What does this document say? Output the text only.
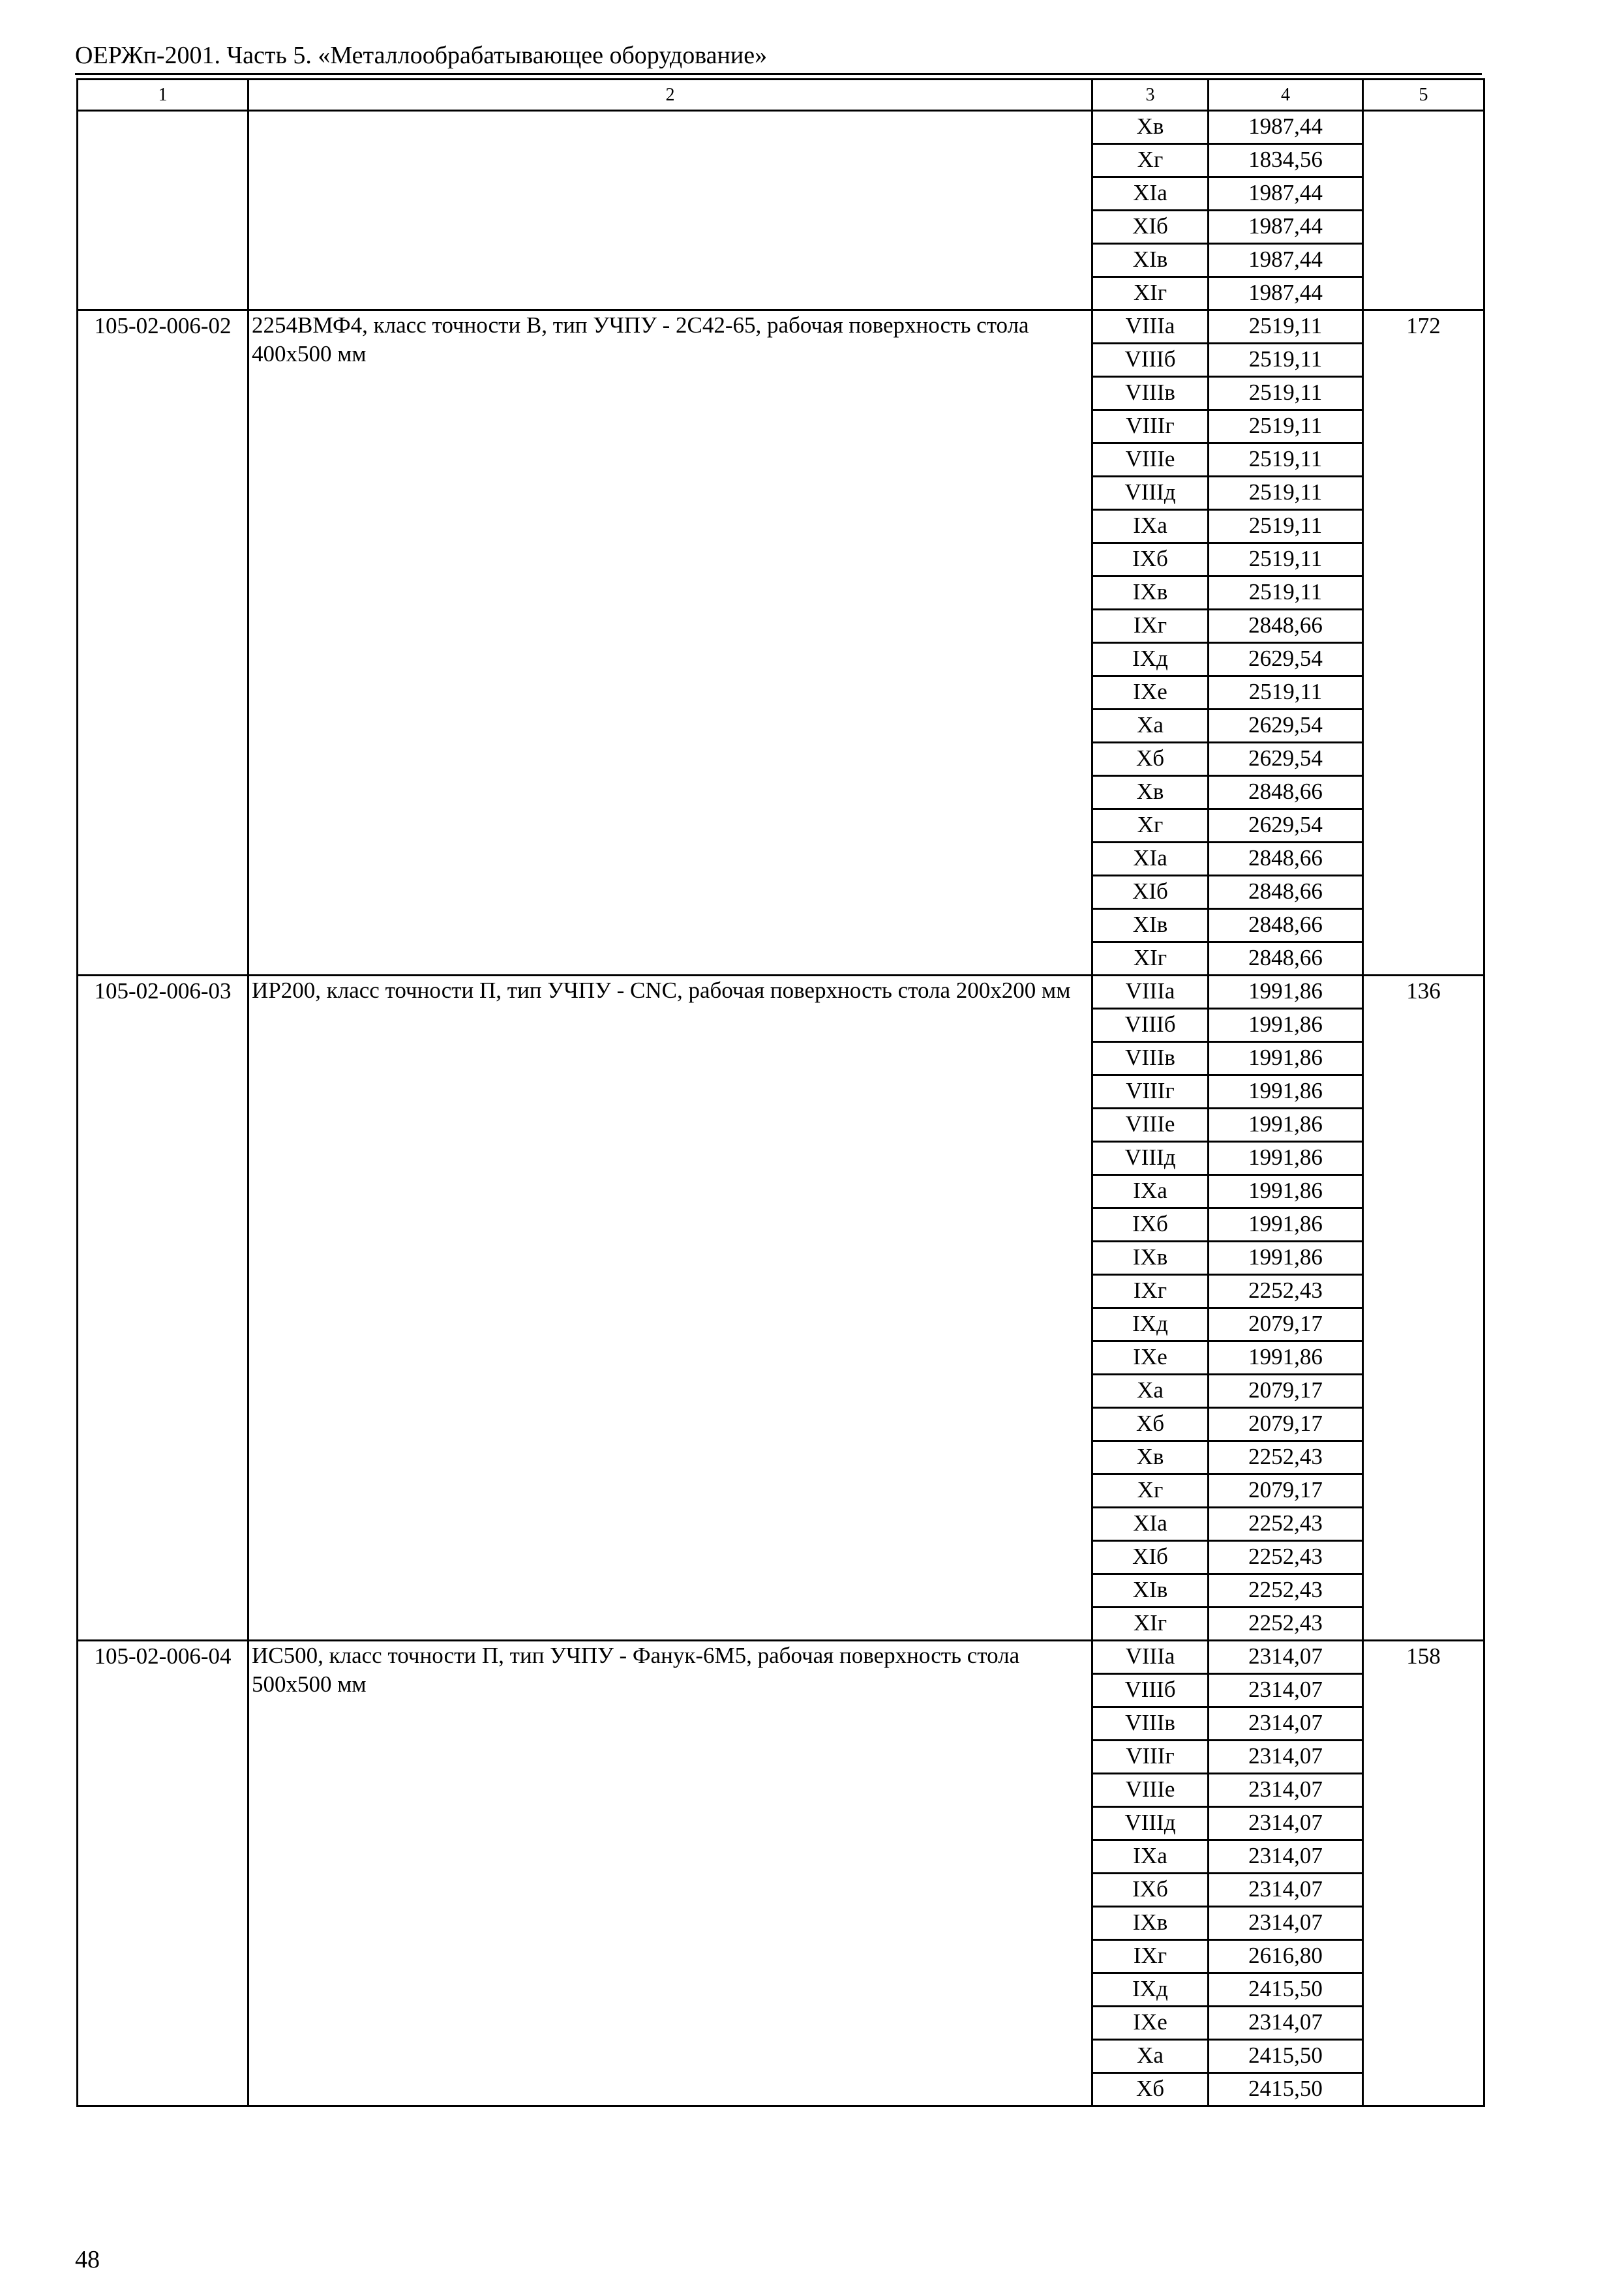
ОЕРЖп-2001. Часть 5. «Металлообрабатывающее оборудование»
1	2	3	4	5
		Xв	1987,44	
		Xг	1834,56	
		XIa	1987,44	
		XIб	1987,44	
		XIв	1987,44	
		XIг	1987,44	
105-02-006-02	2254ВМФ4, класс точности В, тип УЧПУ - 2С42-65, рабочая поверхность стола 400х500 мм	VIIIа	2519,11	172
		VIIIб	2519,11	
		VIIIв	2519,11	
		VIIIг	2519,11	
		VIIIе	2519,11	
		VIIIд	2519,11	
		IXа	2519,11	
		IXб	2519,11	
		IXв	2519,11	
		IXг	2848,66	
		IXд	2629,54	
		IXе	2519,11	
		Xа	2629,54	
		Xб	2629,54	
		Xв	2848,66	
		Xг	2629,54	
		XIа	2848,66	
		XIб	2848,66	
		XIв	2848,66	
		XIг	2848,66	
105-02-006-03	ИР200, класс точности П, тип УЧПУ - CNC, рабочая поверхность стола 200х200 мм	VIIIа	1991,86	136
		VIIIб	1991,86	
		VIIIв	1991,86	
		VIIIг	1991,86	
		VIIIе	1991,86	
		VIIIд	1991,86	
		IXа	1991,86	
		IXб	1991,86	
		IXв	1991,86	
		IXг	2252,43	
		IXд	2079,17	
		IXе	1991,86	
		Xа	2079,17	
		Xб	2079,17	
		Xв	2252,43	
		Xг	2079,17	
		XIа	2252,43	
		XIб	2252,43	
		XIв	2252,43	
		XIг	2252,43	
105-02-006-04	ИС500, класс точности П, тип УЧПУ - Фанук-6М5, рабочая поверхность стола 500х500 мм	VIIIа	2314,07	158
		VIIIб	2314,07	
		VIIIв	2314,07	
		VIIIг	2314,07	
		VIIIе	2314,07	
		VIIIд	2314,07	
		IXа	2314,07	
		IXб	2314,07	
		IXв	2314,07	
		IXг	2616,80	
		IXд	2415,50	
		IXе	2314,07	
		Xа	2415,50	
		Xб	2415,50	
48
